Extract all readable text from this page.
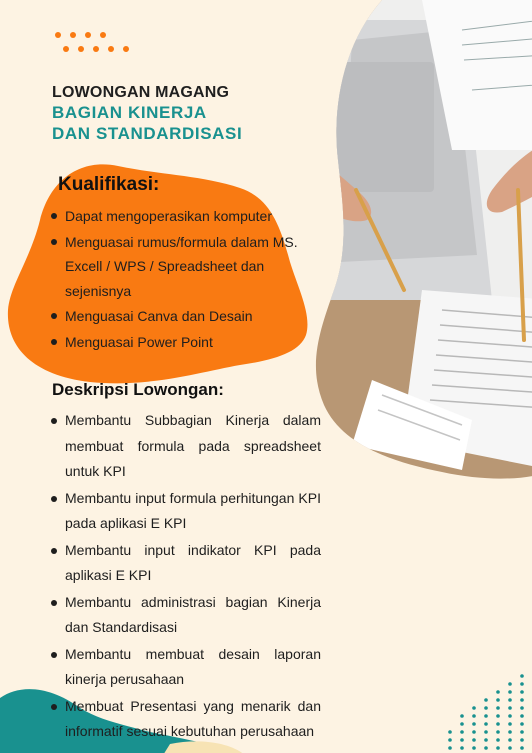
LOWONGAN MAGANG
BAGIAN KINERJA
DAN STANDARDISASI
Kualifikasi:
Dapat mengoperasikan komputer
Menguasai rumus/formula dalam MS. Excell / WPS / Spreadsheet dan sejenisnya
Menguasai Canva dan Desain
Menguasai Power Point
Deskripsi Lowongan:
Membantu Subbagian Kinerja dalam membuat formula pada spreadsheet untuk KPI
Membantu input formula perhitungan KPI pada aplikasi E KPI
Membantu input indikator KPI pada aplikasi E KPI
Membantu administrasi bagian Kinerja dan Standardisasi
Membantu membuat desain laporan kinerja perusahaan
Membuat Presentasi yang menarik dan informatif sesuai kebutuhan perusahaan
